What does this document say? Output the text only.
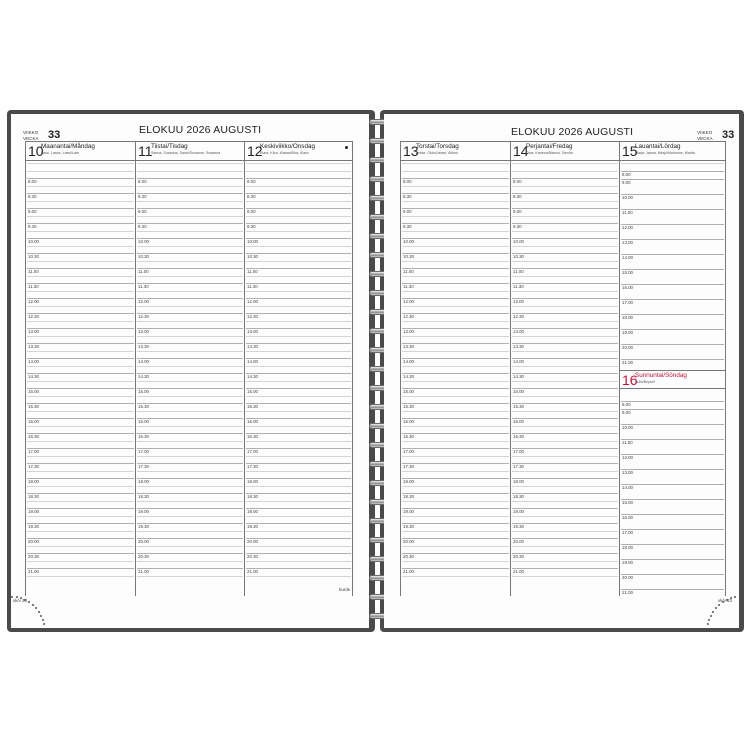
VIIKKO
VECKA 33	ELOKUU 2026 AUGUSTI
10
Maanantai/Måndag
Lauri, Lasse, Lassi/Lars
8.00
8.30
9.00
9.30
10.00
10.30
11.00
11.30
12.00
12.30
13.00
13.30
14.00
14.30
15.00
15.30
16.00
16.30
17.00
17.30
18.00
18.30
19.00
19.30
20.00
20.30
21.00
11
Tiistai/Tisdag
Sanna, Susanna, Sanni/Susanne, Susanna
8.00
8.30
9.00
9.30
10.00
10.30
11.00
11.30
12.00
12.30
13.00
13.30
14.00
14.30
15.00
15.30
16.00
16.30
17.00
17.30
18.00
18.30
19.00
19.30
20.00
20.30
21.00
12
Keskiviikko/Onsdag
Klara, Kiira, Klaara/Kiira, Klara
8.00
8.30
9.00
9.30
10.00
10.30
11.00
11.30
12.00
12.30
13.00
13.30
14.00
14.30
15.00
15.30
16.00
16.30
17.00
17.30
18.00
18.30
19.00
19.30
20.00
20.30
21.00
burde
vk/v 33
ELOKUU 2026 AUGUSTI	VIIKKO
VECKA 33
13
Torstai/Torsdag
Jesse, Okko/Jesse, Alfons
8.00
8.30
9.00
9.30
10.00
10.30
11.00
11.30
12.00
12.30
13.00
13.30
14.00
14.30
15.00
15.30
16.00
16.30
17.00
17.30
18.00
18.30
19.00
19.30
20.00
20.30
21.00
14
Perjantai/Fredag
Oiva, Kaneva/Bianca, Sienna
8.00
8.30
9.00
9.30
10.00
10.30
11.00
11.30
12.00
12.30
13.00
13.30
14.00
14.30
15.00
15.30
16.00
16.30
17.00
17.30
18.00
18.30
19.00
19.30
20.00
20.30
21.00
15
Lauantai/Lördag
Marja, Jaana, Marjo/Marianne, Marita
8.00
9.00
10.00
11.00
12.00
13.00
14.00
15.00
16.00
17.00
18.00
19.00
20.00
21.00
16
Sunnuntai/Söndag
Aulis/Brynolf
8.00
9.00
10.00
11.00
12.00
13.00
14.00
15.00
16.00
17.00
18.00
19.00
20.00
21.00
vk/v 33
